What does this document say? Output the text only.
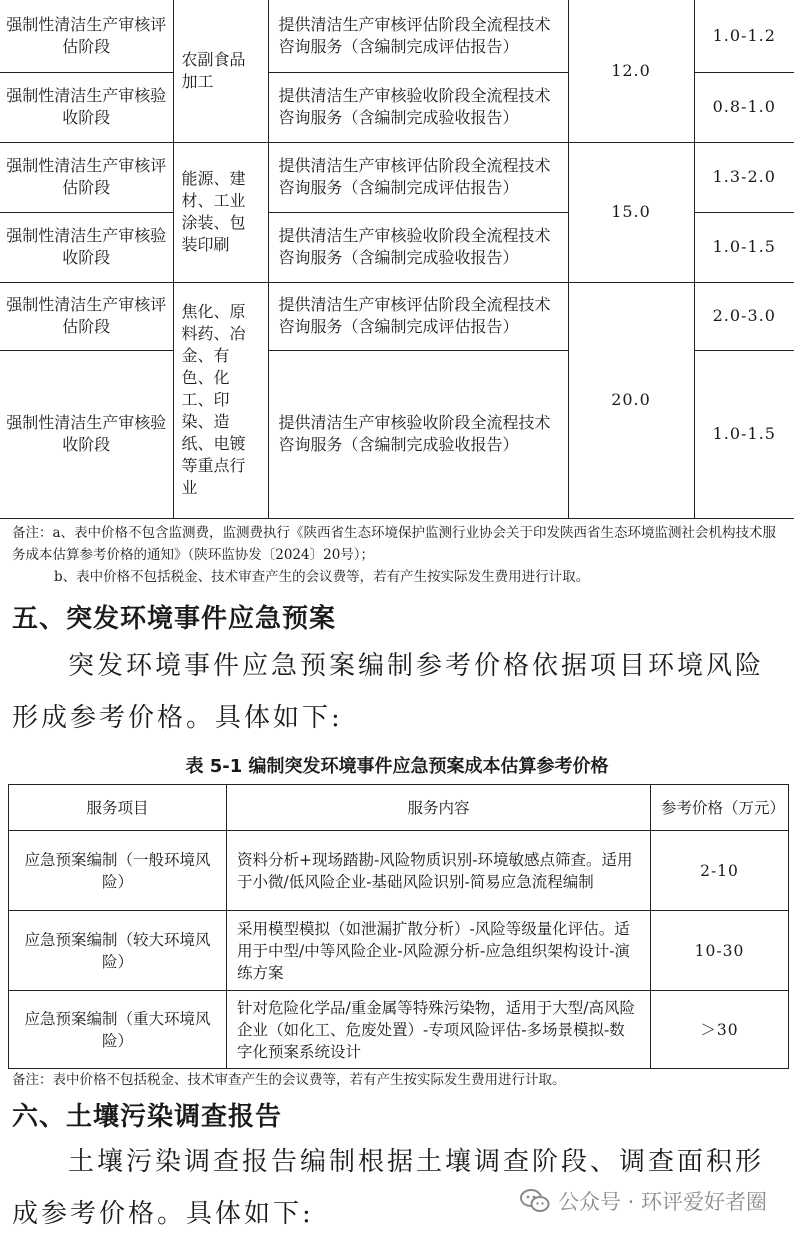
强制性清洁生产审核评估阶段	农副食品加工	提供清洁生产审核评估阶段全流程技术咨询服务（含编制完成评估报告）	12.0	1.0-1.2
强制性清洁生产审核验收阶段		提供清洁生产审核验收阶段全流程技术咨询服务（含编制完成验收报告）		0.8-1.0
强制性清洁生产审核评估阶段	能源、建材、工业涂装、包装印刷	提供清洁生产审核评估阶段全流程技术咨询服务（含编制完成评估报告）	15.0	1.3-2.0
强制性清洁生产审核验收阶段		提供清洁生产审核验收阶段全流程技术咨询服务（含编制完成验收报告）		1.0-1.5
强制性清洁生产审核评估阶段	焦化、原料药、冶金、有色、化工、印染、造纸、电镀等重点行业	提供清洁生产审核评估阶段全流程技术咨询服务（含编制完成评估报告）	20.0	2.0-3.0
强制性清洁生产审核验收阶段		提供清洁生产审核验收阶段全流程技术咨询服务（含编制完成验收报告）		1.0-1.5
备注：a、表中价格不包含监测费，监测费执行《陕西省生态环境保护监测行业协会关于印发陕西省生态环境监测社会机构技术服务成本估算参考价格的通知》（陕环监协发〔2024〕20号）；
b、表中价格不包括税金、技术审查产生的会议费等，若有产生按实际发生费用进行计取。
五、突发环境事件应急预案
突发环境事件应急预案编制参考价格依据项目环境风险形成参考价格。具体如下:
表 5-1 编制突发环境事件应急预案成本估算参考价格
服务项目	服务内容	参考价格（万元）
应急预案编制（一般环境风险）	资料分析+现场踏勘-风险物质识别-环境敏感点筛查。适用于小微/低风险企业-基础风险识别-简易应急流程编制	2-10
应急预案编制（较大环境风险）	采用模型模拟（如泄漏扩散分析）-风险等级量化评估。适用于中型/中等风险企业-风险源分析-应急组织架构设计-演练方案	10-30
应急预案编制（重大环境风险）	针对危险化学品/重金属等特殊污染物，适用于大型/高风险企业（如化工、危废处置）-专项风险评估-多场景模拟-数字化预案系统设计	＞30
备注：表中价格不包括税金、技术审查产生的会议费等，若有产生按实际发生费用进行计取。
六、土壤污染调查报告
土壤污染调查报告编制根据土壤调查阶段、调查面积形成参考价格。具体如下:	公众号 · 环评爱好者圈
